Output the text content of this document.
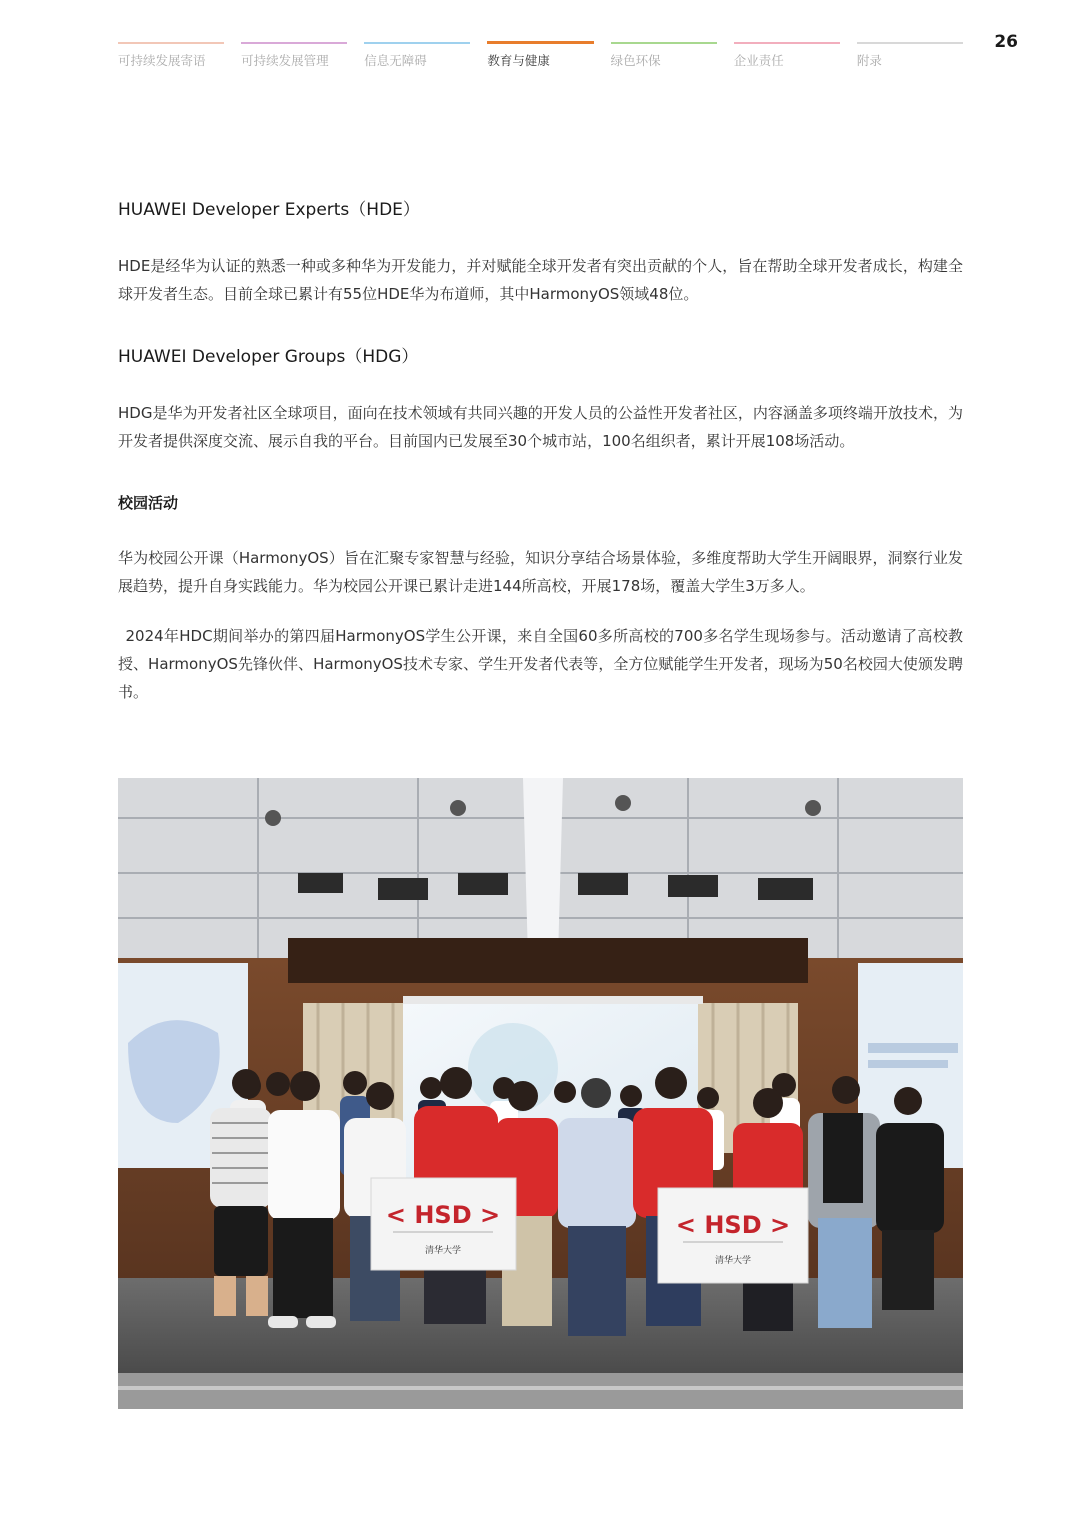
可持续发展寄语	可持续发展管理	信息无障碍	教育与健康	绿色环保	企业责任	附录
26
HUAWEI Developer Experts（HDE）

HDE是经华为认证的熟悉一种或多种华为开发能力，并对赋能全球开发者有突出贡献的个人，旨在帮助全球开发者成长，构建全球开发者生态。目前全球已累计有55位HDE华为布道师，其中HarmonyOS领域48位。

HUAWEI Developer Groups（HDG）

HDG是华为开发者社区全球项目，面向在技术领域有共同兴趣的开发人员的公益性开发者社区，内容涵盖多项终端开放技术，为开发者提供深度交流、展示自我的平台。目前国内已发展至30个城市站，100名组织者，累计开展108场活动。

校园活动

华为校园公开课（HarmonyOS）旨在汇聚专家智慧与经验，知识分享结合场景体验，多维度帮助大学生开阔眼界，洞察行业发展趋势，提升自身实践能力。华为校园公开课已累计走进144所高校，开展178场，覆盖大学生3万多人。

 2024年HDC期间举办的第四届HarmonyOS学生公开课，来自全国60多所高校的700多名学生现场参与。活动邀请了高校教授、HarmonyOS先锋伙伴、HarmonyOS技术专家、学生开发者代表等，全方位赋能学生开发者，现场为50名校园大使颁发聘书。

< HSD >
清华大学
< HSD >
清华大学
